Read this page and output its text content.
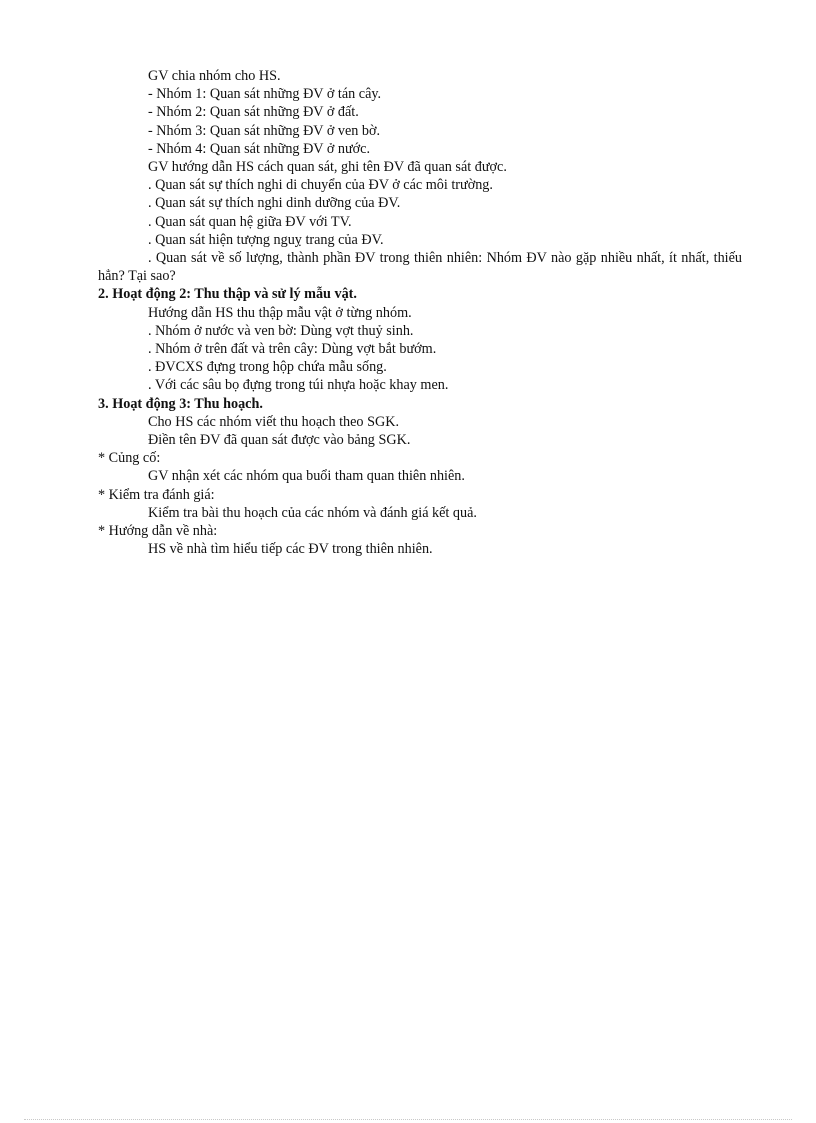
GV chia nhóm cho HS.
- Nhóm 1: Quan sát những ĐV ở tán cây.
- Nhóm 2: Quan sát những ĐV ở đất.
- Nhóm 3: Quan sát những ĐV ở ven bờ.
- Nhóm 4: Quan sát những ĐV ở nước.
GV hướng dẫn HS cách quan sát, ghi tên ĐV đã quan sát được.
. Quan sát sự thích nghi di chuyển của ĐV ở các môi trường.
. Quan sát sự thích nghi dinh dưỡng của ĐV.
. Quan sát quan hệ giữa ĐV với TV.
. Quan sát hiện tượng nguỵ trang của ĐV.
. Quan sát về số lượng, thành phần ĐV trong thiên nhiên: Nhóm ĐV nào gặp nhiều nhất, ít nhất, thiếu hẳn? Tại sao?
2. Hoạt động 2: Thu thập và sử lý mẫu vật.
Hướng dẫn HS thu thập mẫu vật ở từng nhóm.
. Nhóm ở nước và ven bờ: Dùng vợt thuỷ sinh.
. Nhóm ở trên đất và trên cây: Dùng vợt bắt bướm.
. ĐVCXS đựng trong hộp chứa mẫu sống.
. Với các sâu bọ đựng trong túi nhựa hoặc khay men.
3. Hoạt động 3: Thu hoạch.
Cho HS các nhóm viết thu hoạch theo SGK.
Điền tên ĐV đã quan sát được vào bảng SGK.
* Củng cố:
GV nhận xét các nhóm qua buổi tham quan thiên nhiên.
* Kiểm tra đánh giá:
Kiểm tra bài thu hoạch của các nhóm và đánh giá kết quả.
* Hướng dẫn về nhà:
HS về nhà tìm hiểu tiếp các ĐV trong thiên nhiên.
